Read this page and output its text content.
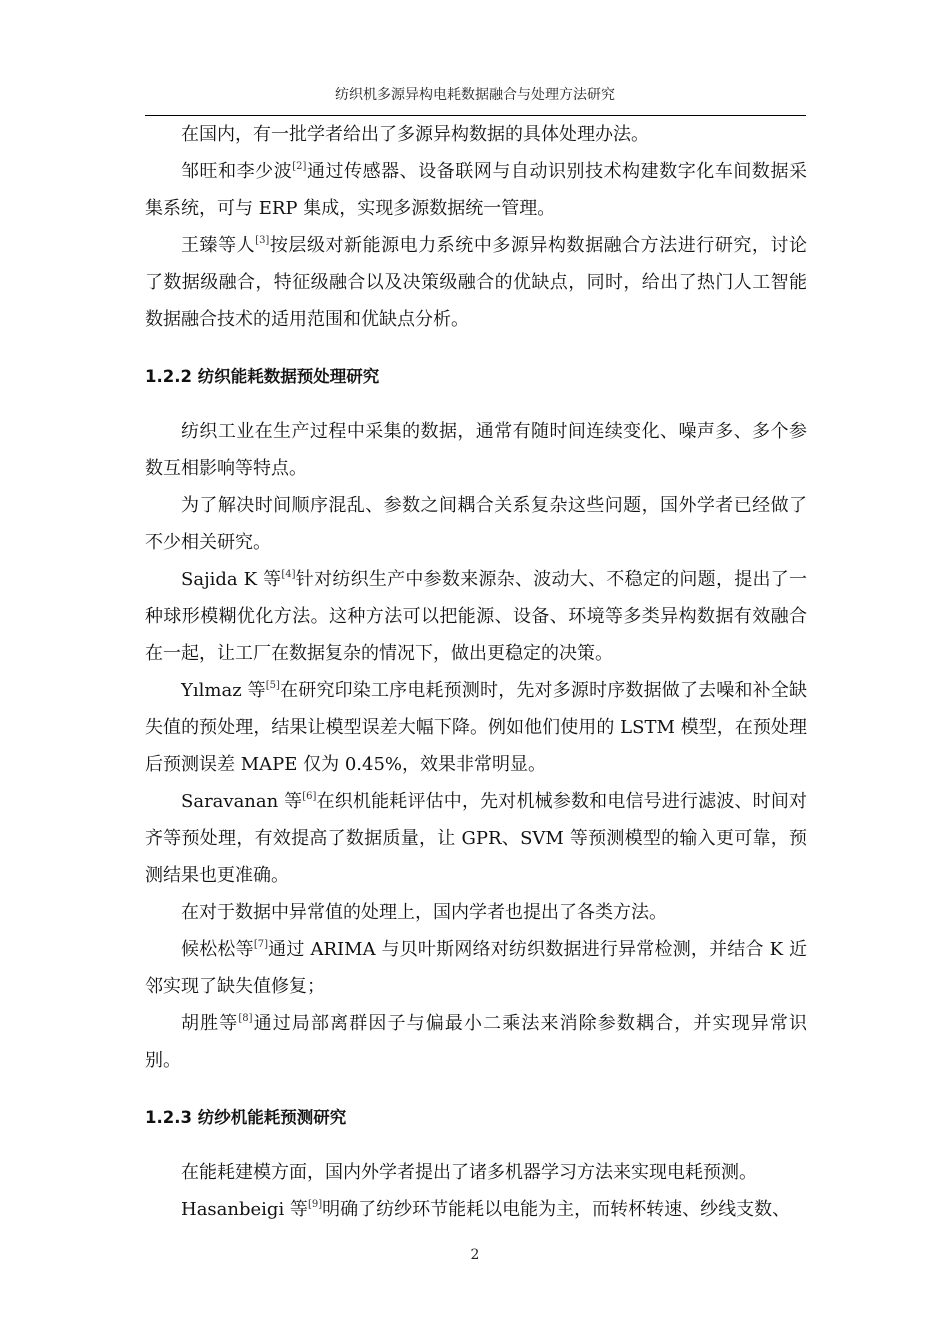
纺织机多源异构电耗数据融合与处理方法研究

在国内，有一批学者给出了多源异构数据的具体处理办法。

邹旺和李少波[2]通过传感器、设备联网与自动识别技术构建数字化车间数据采集系统，可与 ERP 集成，实现多源数据统一管理。

王臻等人[3]按层级对新能源电力系统中多源异构数据融合方法进行研究，讨论了数据级融合，特征级融合以及决策级融合的优缺点，同时，给出了热门人工智能数据融合技术的适用范围和优缺点分析。

1.2.2 纺织能耗数据预处理研究

纺织工业在生产过程中采集的数据，通常有随时间连续变化、噪声多、多个参数互相影响等特点。

为了解决时间顺序混乱、参数之间耦合关系复杂这些问题，国外学者已经做了不少相关研究。

Sajida K 等[4]针对纺织生产中参数来源杂、波动大、不稳定的问题，提出了一种球形模糊优化方法。这种方法可以把能源、设备、环境等多类异构数据有效融合在一起，让工厂在数据复杂的情况下，做出更稳定的决策。

Yılmaz 等[5]在研究印染工序电耗预测时，先对多源时序数据做了去噪和补全缺失值的预处理，结果让模型误差大幅下降。例如他们使用的 LSTM 模型，在预处理后预测误差 MAPE 仅为 0.45%，效果非常明显。

Saravanan 等[6]在织机能耗评估中，先对机械参数和电信号进行滤波、时间对齐等预处理，有效提高了数据质量，让 GPR、SVM 等预测模型的输入更可靠，预测结果也更准确。

在对于数据中异常值的处理上，国内学者也提出了各类方法。

候松松等[7]通过 ARIMA 与贝叶斯网络对纺织数据进行异常检测，并结合 K 近邻实现了缺失值修复；

胡胜等[8]通过局部离群因子与偏最小二乘法来消除参数耦合，并实现异常识别。

1.2.3 纺纱机能耗预测研究

在能耗建模方面，国内外学者提出了诸多机器学习方法来实现电耗预测。

Hasanbeigi 等[9]明确了纺纱环节能耗以电能为主，而转杯转速、纱线支数、

2
